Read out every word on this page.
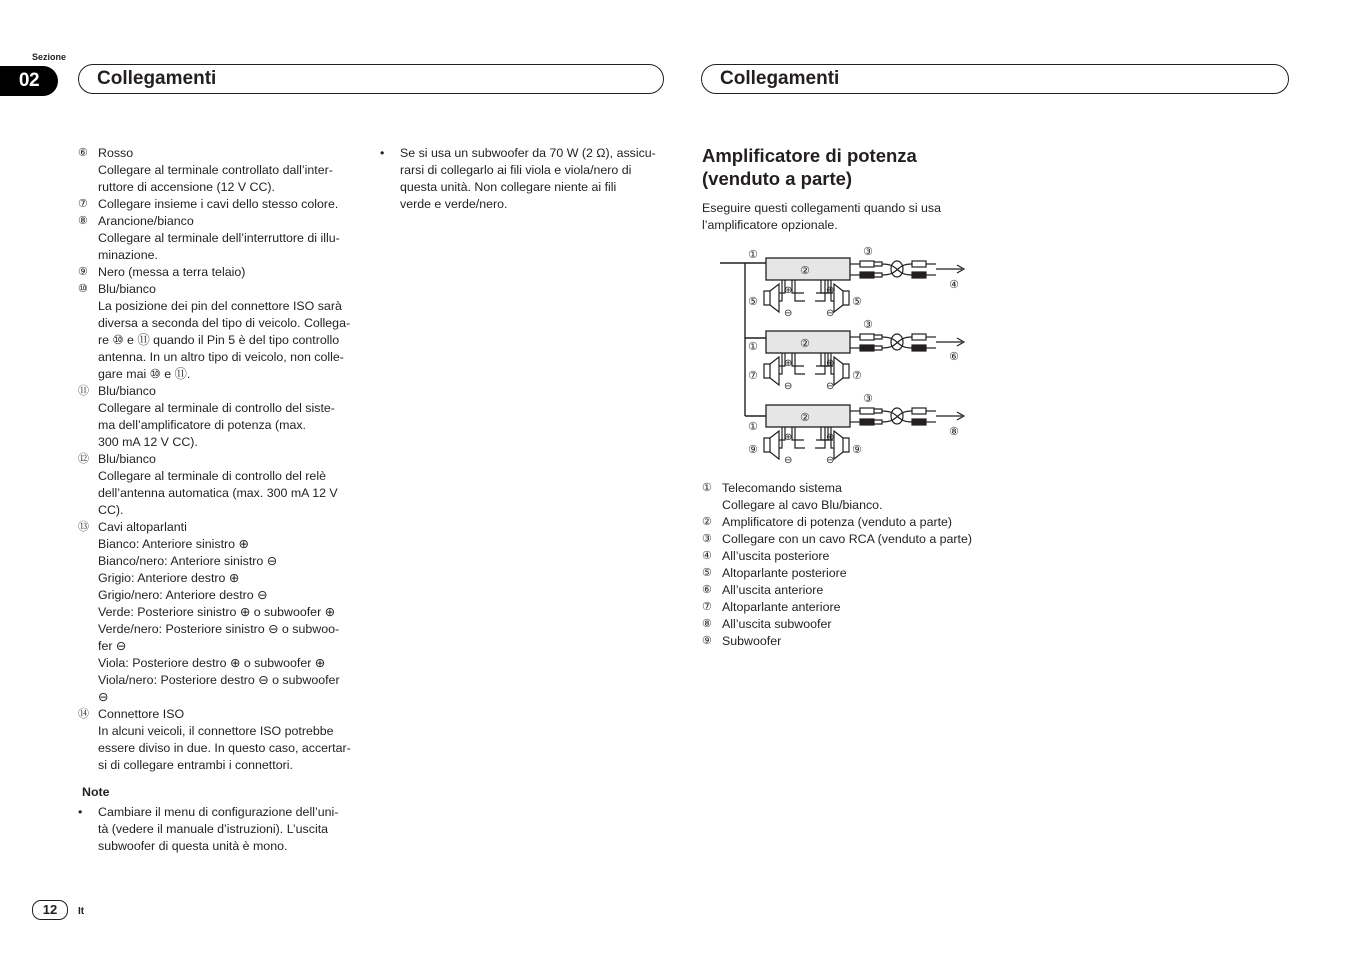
Sezione
02	Collegamenti	Collegamenti
⑥ Rosso
Collegare al terminale controllato dall’inter-
ruttore di accensione (12 V CC).
⑦ Collegare insieme i cavi dello stesso colore.
⑧ Arancione/bianco
Collegare al terminale dell’interruttore di illu-
minazione.
⑨ Nero (messa a terra telaio)
⑩ Blu/bianco
La posizione dei pin del connettore ISO sarà
diversa a seconda del tipo di veicolo. Collega-
re ⑩ e ⑪ quando il Pin 5 è del tipo controllo
antenna. In un altro tipo di veicolo, non colle-
gare mai ⑩ e ⑪.
⑪ Blu/bianco
Collegare al terminale di controllo del siste-
ma dell’amplificatore di potenza (max.
300 mA 12 V CC).
⑫ Blu/bianco
Collegare al terminale di controllo del relè
dell’antenna automatica (max. 300 mA 12 V
CC).
⑬ Cavi altoparlanti
Bianco: Anteriore sinistro ⊕
Bianco/nero: Anteriore sinistro ⊖
Grigio: Anteriore destro ⊕
Grigio/nero: Anteriore destro ⊖
Verde: Posteriore sinistro ⊕ o subwoofer ⊕
Verde/nero: Posteriore sinistro ⊖ o subwoo-
fer ⊖
Viola: Posteriore destro ⊕ o subwoofer ⊕
Viola/nero: Posteriore destro ⊖ o subwoofer
⊖
⑭ Connettore ISO
In alcuni veicoli, il connettore ISO potrebbe
essere diviso in due. In questo caso, accertar-
si di collegare entrambi i connettori.
Note
•	Cambiare il menu di configurazione dell’uni-
tà (vedere il manuale d’istruzioni). L’uscita
subwoofer di questa unità è mono.
•	Se si usa un subwoofer da 70 W (2 Ω), assicu-
rarsi di collegarlo ai fili viola e viola/nero di
questa unità. Non collegare niente ai fili
verde e verde/nero.
Amplificatore di potenza
(venduto a parte)
Eseguire questi collegamenti quando si usa
l’amplificatore opzionale.
②
⊕
⊖
⊕
⊖
②
⊕
⊖
⊕
⊖
②
⊕
⊖
⊕
⊖
①
①
①
⑤	⑤
⑦	⑦
⑨	⑨
③
③
③
④
⑥
⑧
① Telecomando sistema
Collegare al cavo Blu/bianco.
② Amplificatore di potenza (venduto a parte)
③ Collegare con un cavo RCA (venduto a parte)
④ All’uscita posteriore
⑤ Altoparlante posteriore
⑥ All’uscita anteriore
⑦ Altoparlante anteriore
⑧ All’uscita subwoofer
⑨ Subwoofer
12	It
